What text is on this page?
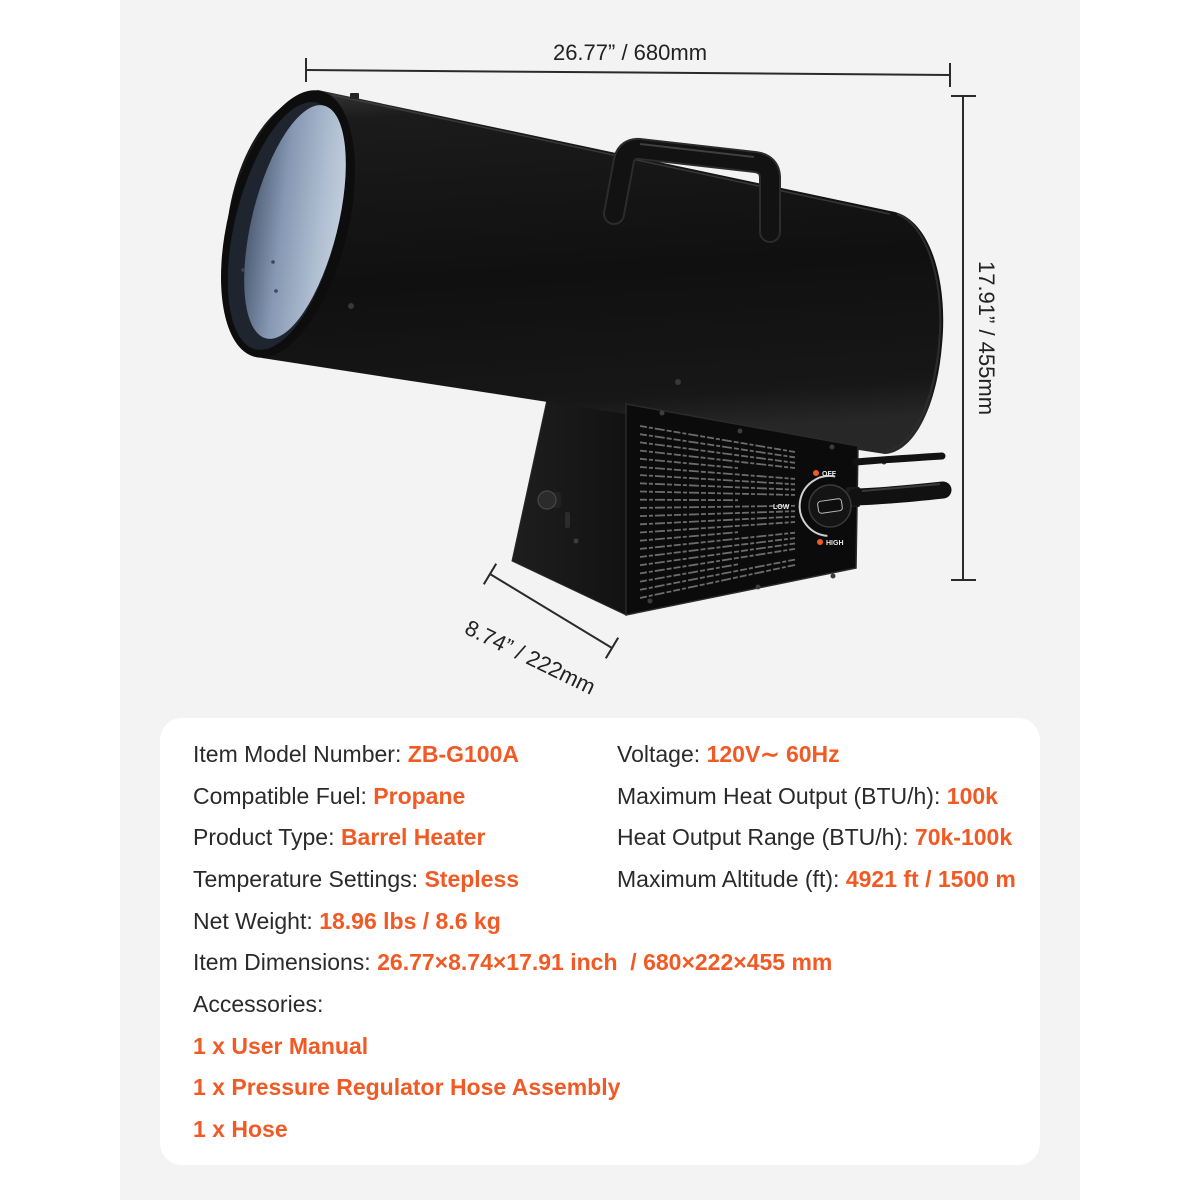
OFF
LOW
HIGH
26.77” / 680mm
17.91” / 455mm
8.74” / 222mm
Item Model Number: ZB-G100A
Compatible Fuel: Propane
Product Type: Barrel Heater
Temperature Settings: Stepless
Net Weight: 18.96 lbs / 8.6 kg
Item Dimensions: 26.77×8.74×17.91 inch  / 680×222×455 mm
Accessories:
1 x User Manual
1 x Pressure Regulator Hose Assembly
1 x Hose
Voltage: 120V∼ 60Hz
Maximum Heat Output (BTU/h): 100k
Heat Output Range (BTU/h): 70k-100k
Maximum Altitude (ft): 4921 ft / 1500 m
